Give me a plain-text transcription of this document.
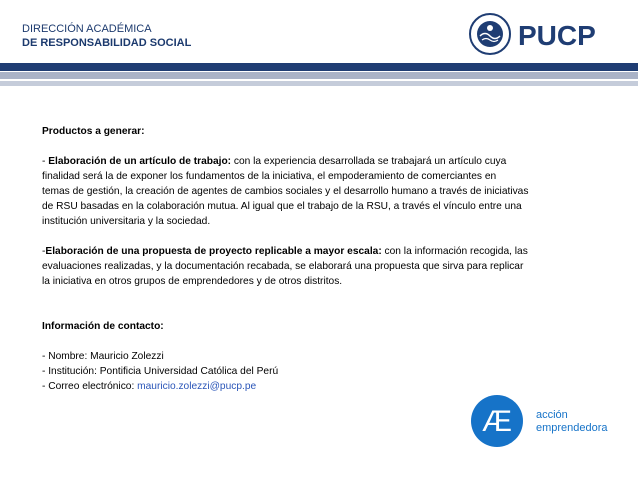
DIRECCIÓN ACADÉMICA
DE RESPONSABILIDAD SOCIAL	PUCP

Productos a generar:

- Elaboración de un artículo de trabajo: con la experiencia desarrollada se trabajará un artículo cuya

finalidad será la de exponer los fundamentos de la iniciativa, el empoderamiento de comerciantes en

temas de gestión, la creación de agentes de cambios sociales y el desarrollo humano a través de iniciativas

de RSU basadas en la colaboración mutua. Al igual que el trabajo de la RSU, a través el vínculo entre una

institución universitaria y la sociedad.

-Elaboración de una propuesta de proyecto replicable a mayor escala: con la información recogida, las

evaluaciones realizadas, y la documentación recabada, se elaborará una propuesta que sirva para replicar

la iniciativa en otros grupos de emprendedores y de otros distritos.

Información de contacto:

- Nombre: Mauricio Zolezzi

- Institución: Pontificia Universidad Católica del Perú

- Correo electrónico: mauricio.zolezzi@pucp.pe

Æ acción
emprendedora
